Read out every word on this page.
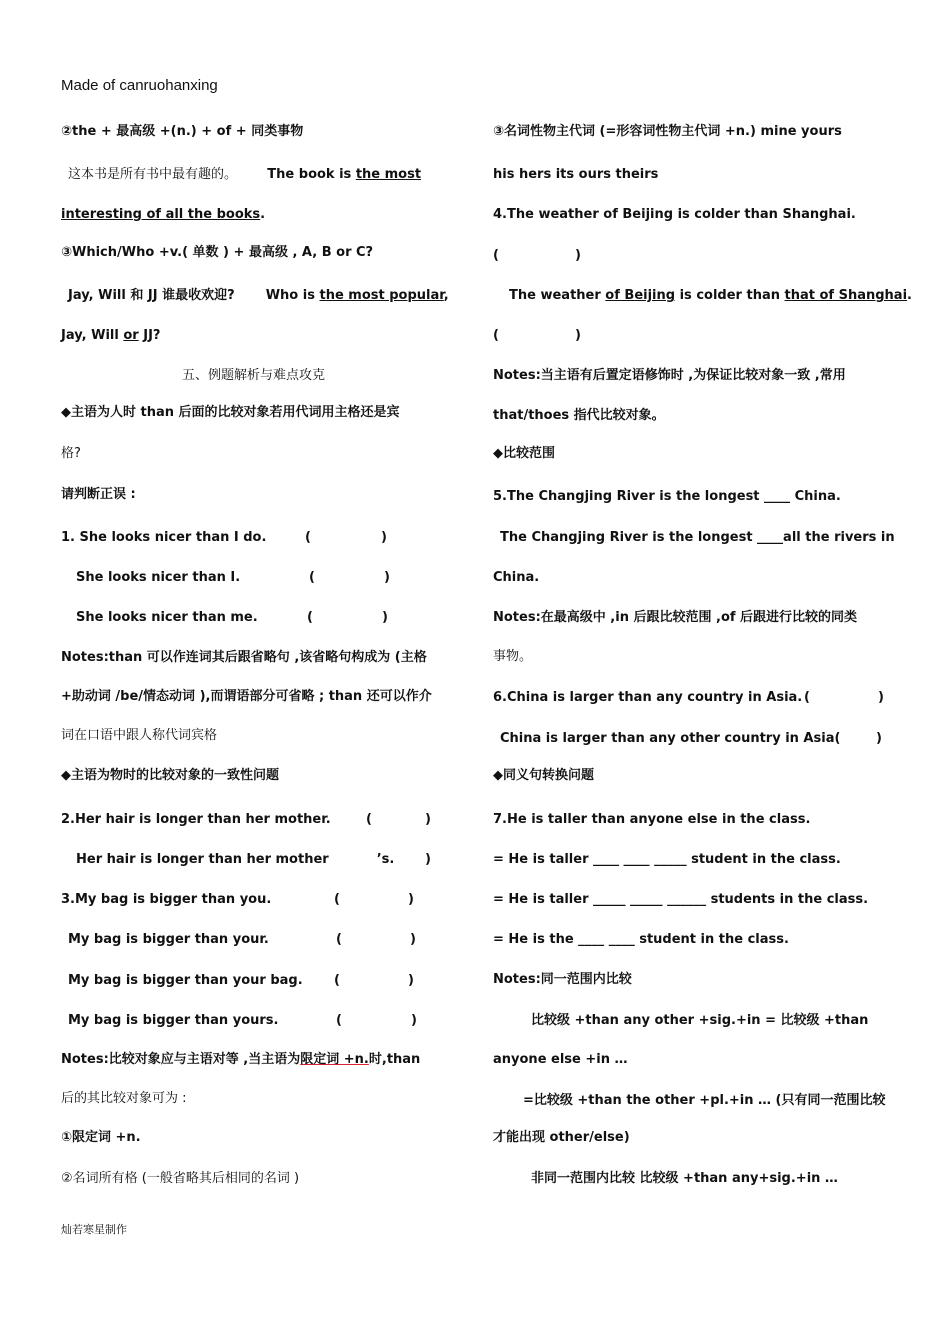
Made of canruohanxing
②the + 最高级 +(n.) + of + 同类事物
这本书是所有书中最有趣的。 The book is the most
interesting of all the books.
③Which/Who +v.( 单数 ) + 最高级 , A, B or C?
Jay, Will 和 JJ 谁最收欢迎? Who is the most popular,
Jay, Will or JJ?
五、例题解析与难点攻克
◆主语为人时 than 后面的比较对象若用代词用主格还是宾
格?
请判断正误 :
1. She looks nicer than I do.	(	)
She looks nicer than I.	(	)
She looks nicer than me.	(	)
Notes:than 可以作连词其后跟省略句 ,该省略句构成为 (主格
+助动词 /be/情态动词 ),而谓语部分可省略 ; than 还可以作介
词在口语中跟人称代词宾格
◆主语为物时的比较对象的一致性问题
2.Her hair is longer than her mother.	(	)
Her hair is longer than her mother	’s. )
3.My bag is bigger than you.	(	)
My bag is bigger than your.	(	)
My bag is bigger than your bag. (	)
My bag is bigger than yours.	(	)
Notes:比较对象应与主语对等 ,当主语为限定词 +n.时,than
后的其比较对象可为 :
①限定词 +n.
②名词所有格 (一般省略其后相同的名词 )
③名词性物主代词 (=形容词性物主代词 +n.) mine yours
his hers its ours theirs
4.The weather of Beijing is colder than Shanghai.
(	)
The weather of Beijing is colder than that of Shanghai.
(	)
Notes:当主语有后置定语修饰时 ,为保证比较对象一致 ,常用
that/thoes 指代比较对象。
◆比较范围
5.The Changjing River is the longest ____ China.
The Changjing River is the longest ____all the rivers in
China.
Notes:在最高级中 ,in 后跟比较范围 ,of 后跟进行比较的同类
事物。
6.China is larger than any country in Asia. (	)
China is larger than any other country in Asia(	)
◆同义句转换问题
7.He is taller than anyone else in the class.
= He is taller ____ ____ _____ student in the class.
= He is taller _____ _____ ______ students in the class.
= He is the ____ ____ student in the class.
Notes:同一范围内比较
比较级 +than any other +sig.+in = 比较级 +than
anyone else +in …
=比较级 +than the other +pl.+in … (只有同一范围比较
才能出现 other/else)
非同一范围内比较 比较级 +than any+sig.+in …
灿若寒星制作
